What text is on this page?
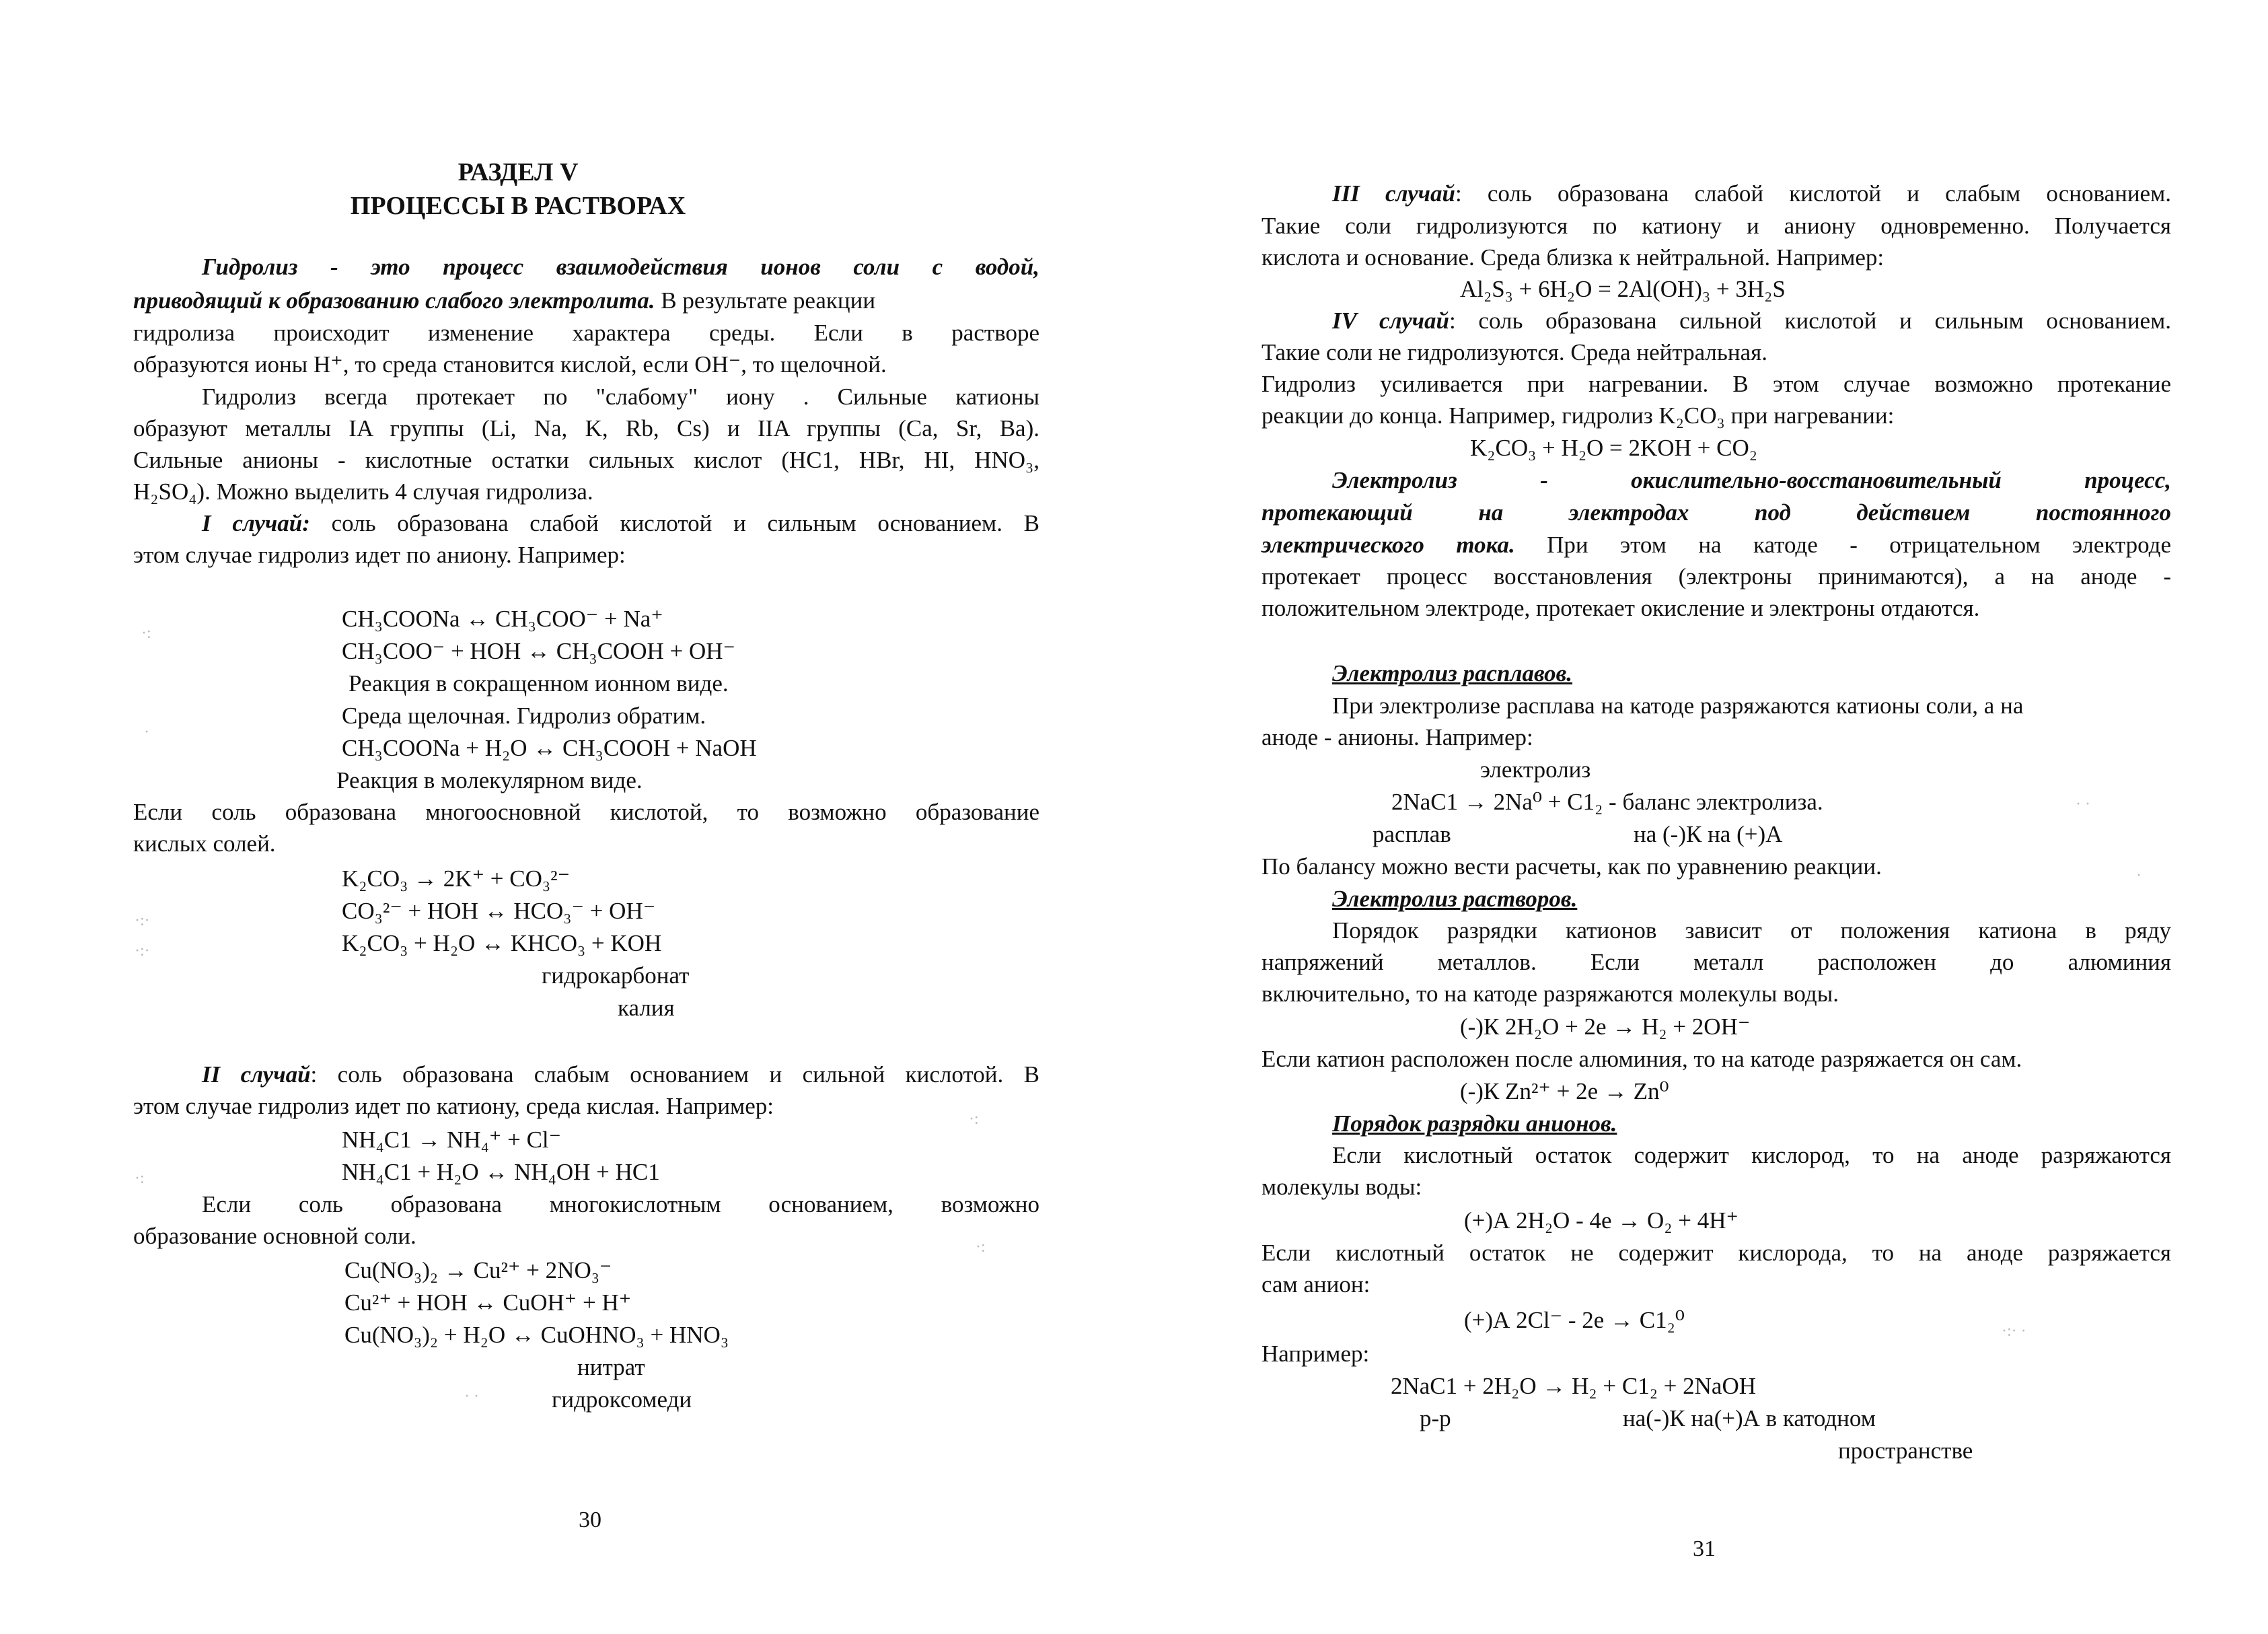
РАЗДЕЛ V
ПРОЦЕССЫ В РАСТВОРАХ
Гидролиз - это процесс взаимодействия ионов соли с водой,
приводящий к образованию слабого электролита. В результате реакции
гидролиза происходит изменение характера среды. Если в растворе
образуются ионы H⁺, то среда становится кислой, если OH⁻, то щелочной.
Гидролиз всегда протекает по "слабому" иону . Сильные катионы
образуют металлы IA группы (Li, Na, K, Rb, Cs) и IIA группы (Ca, Sr, Ba).
Сильные анионы - кислотные остатки сильных кислот (HC1, HBr, HI, HNO₃,
H₂SO₄). Можно выделить 4 случая гидролиза.
I случай: соль образована слабой кислотой и сильным основанием. В
этом случае гидролиз идет по аниону. Например:
CH₃COONa ↔ CH₃COO⁻ + Na⁺
CH₃COO⁻ + HOH ↔ CH₃COOH + OH⁻
Реакция в сокращенном ионном виде.
Среда щелочная. Гидролиз обратим.
CH₃COONa + H₂O ↔ CH₃COOH + NaOH
Реакция в молекулярном виде.
Если соль образована многоосновной кислотой, то возможно образование
кислых солей.
K₂CO₃ → 2K⁺ + CO₃²⁻
CO₃²⁻ + HOH ↔ HCO₃⁻ + OH⁻
K₂CO₃ + H₂O ↔ KHCO₃ + KOH
гидрокарбонат
калия
II случай: соль образована слабым основанием и сильной кислотой. В
этом случае гидролиз идет по катиону, среда кислая. Например:
NH₄C1 → NH₄⁺ + Cl⁻
NH₄C1 + H₂O ↔ NH₄OH + HC1
Если соль образована многокислотным основанием, возможно
образование основной соли.
Cu(NO₃)₂ → Cu²⁺ + 2NO₃⁻
Cu²⁺ + HOH ↔ CuOH⁺ + H⁺
Cu(NO₃)₂ + H₂O ↔ CuOHNO₃ + HNO₃
нитрат
гидроксомеди
30
·:
·
·:·
·:·
·:
·:
·:
· ·
III случай: соль образована слабой кислотой и слабым основанием.
Такие соли гидролизуются по катиону и аниону одновременно. Получается
кислота и основание. Среда близка к нейтральной. Например:
Al₂S₃ + 6H₂O = 2Al(OH)₃ + 3H₂S
IV случай: соль образована сильной кислотой и сильным основанием.
Такие соли не гидролизуются. Среда нейтральная.
Гидролиз усиливается при нагревании. В этом случае возможно протекание
реакции до конца. Например, гидролиз K₂CO₃ при нагревании:
K₂CO₃ + H₂O = 2KOH + CO₂
Электролиз - окислительно-восстановительный процесс,
протекающий на электродах под действием постоянного
электрического тока. При этом на катоде - отрицательном электроде
протекает процесс восстановления (электроны принимаются), а на аноде -
положительном электроде, протекает окисление и электроны отдаются.
Электролиз расплавов.
При электролизе расплава на катоде разряжаются катионы соли, а на
аноде - анионы. Например:
электролиз
2NaC1 → 2Na⁰ + C1₂ - баланс электролиза.
расплав	на (-)К на (+)А
По балансу можно вести расчеты, как по уравнению реакции.
Электролиз растворов.
Порядок разрядки катионов зависит от положения катиона в ряду
напряжений металлов. Если металл расположен до алюминия
включительно, то на катоде разряжаются молекулы воды.
(-)К 2H₂O + 2e → H₂ + 2OH⁻
Если катион расположен после алюминия, то на катоде разряжается он сам.
(-)К Zn²⁺ + 2e → Zn⁰
Порядок разрядки анионов.
Если кислотный остаток содержит кислород, то на аноде разряжаются
молекулы воды:
(+)А 2H₂O - 4e → O₂ + 4H⁺
Если кислотный остаток не содержит кислорода, то на аноде разряжается
сам анион:
(+)А 2Cl⁻ - 2e → C1₂⁰
Например:
2NaC1 + 2H₂O → H₂ + C1₂ + 2NaOH
р-р	на(-)К на(+)А в катодном
пространстве
31
· ·
·
·:· ·
